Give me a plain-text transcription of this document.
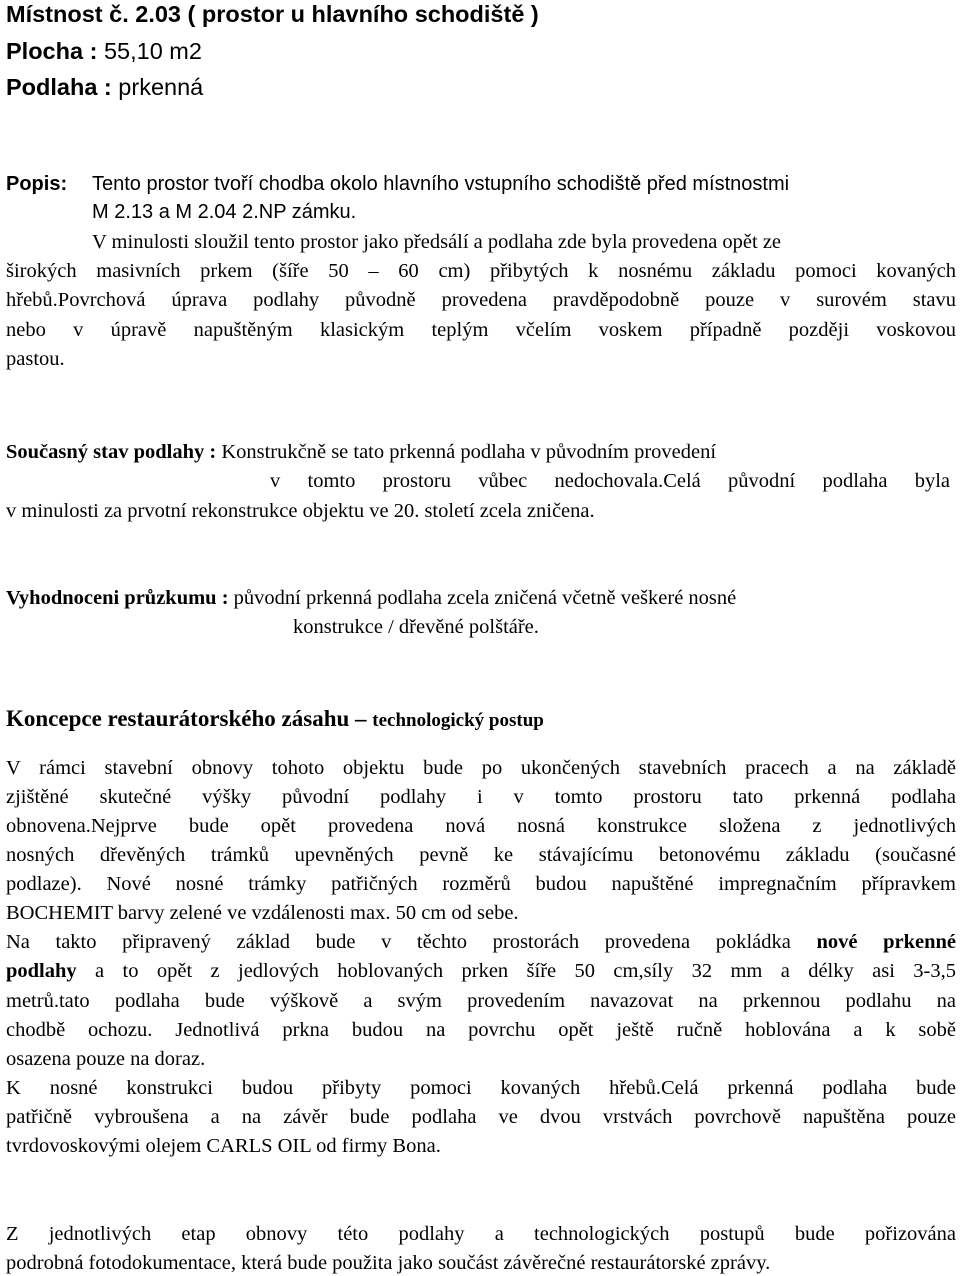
Místnost č. 2.03 ( prostor u hlavního schodiště )
Plocha : 55,10 m2
Podlaha : prkenná
Popis: Tento prostor tvoří chodba okolo hlavního vstupního schodiště před místnostmi
M 2.13 a M 2.04 2.NP zámku.
V minulosti sloužil tento prostor jako předsálí a podlaha zde byla provedena opět ze
širokých masivních prkem (šíře 50 – 60 cm) přibytých k nosnému základu pomoci kovaných
hřebů.Povrchová úprava podlahy původně provedena pravděpodobně pouze v surovém stavu
nebo v úpravě napuštěným klasickým teplým včelím voskem případně později voskovou
pastou.
Současný stav podlahy : Konstrukčně se tato prkenná podlaha v původním provedení
v tomto prostoru vůbec nedochovala.Celá původní podlaha byla
v minulosti za prvotní rekonstrukce objektu ve 20. století zcela zničena.
Vyhodnoceni průzkumu : původní prkenná podlaha zcela zničená včetně veškeré nosné
konstrukce / dřevěné polštáře.
Koncepce restaurátorského zásahu – technologický postup
V rámci stavební obnovy tohoto objektu bude po ukončených stavebních pracech a na základě
zjištěné skutečné výšky původní podlahy i v tomto prostoru tato prkenná podlaha
obnovena.Nejprve bude opět provedena nová nosná konstrukce složena z jednotlivých
nosných dřevěných trámků upevněných pevně ke stávajícímu betonovému základu (současné
podlaze). Nové nosné trámky patřičných rozměrů budou napuštěné impregnačním přípravkem
BOCHEMIT barvy zelené ve vzdálenosti max. 50 cm od sebe.
Na takto připravený základ bude v těchto prostorách provedena pokládka nové prkenné
podlahy a to opět z jedlových hoblovaných prken šíře 50 cm,síly 32 mm a délky asi 3-3,5
metrů.tato podlaha bude výškově a svým provedením navazovat na prkennou podlahu na
chodbě ochozu. Jednotlivá prkna budou na povrchu opět ještě ručně hoblována a k sobě
osazena pouze na doraz.
K nosné konstrukci budou přibyty pomoci kovaných hřebů.Celá prkenná podlaha bude
patřičně vybroušena a na závěr bude podlaha ve dvou vrstvách povrchově napuštěna pouze
tvrdovoskovými olejem CARLS OIL od firmy Bona.
Z jednotlivých etap obnovy této podlahy a technologických postupů bude pořizována
podrobná fotodokumentace, která bude použita jako součást závěrečné restaurátorské zprávy.
